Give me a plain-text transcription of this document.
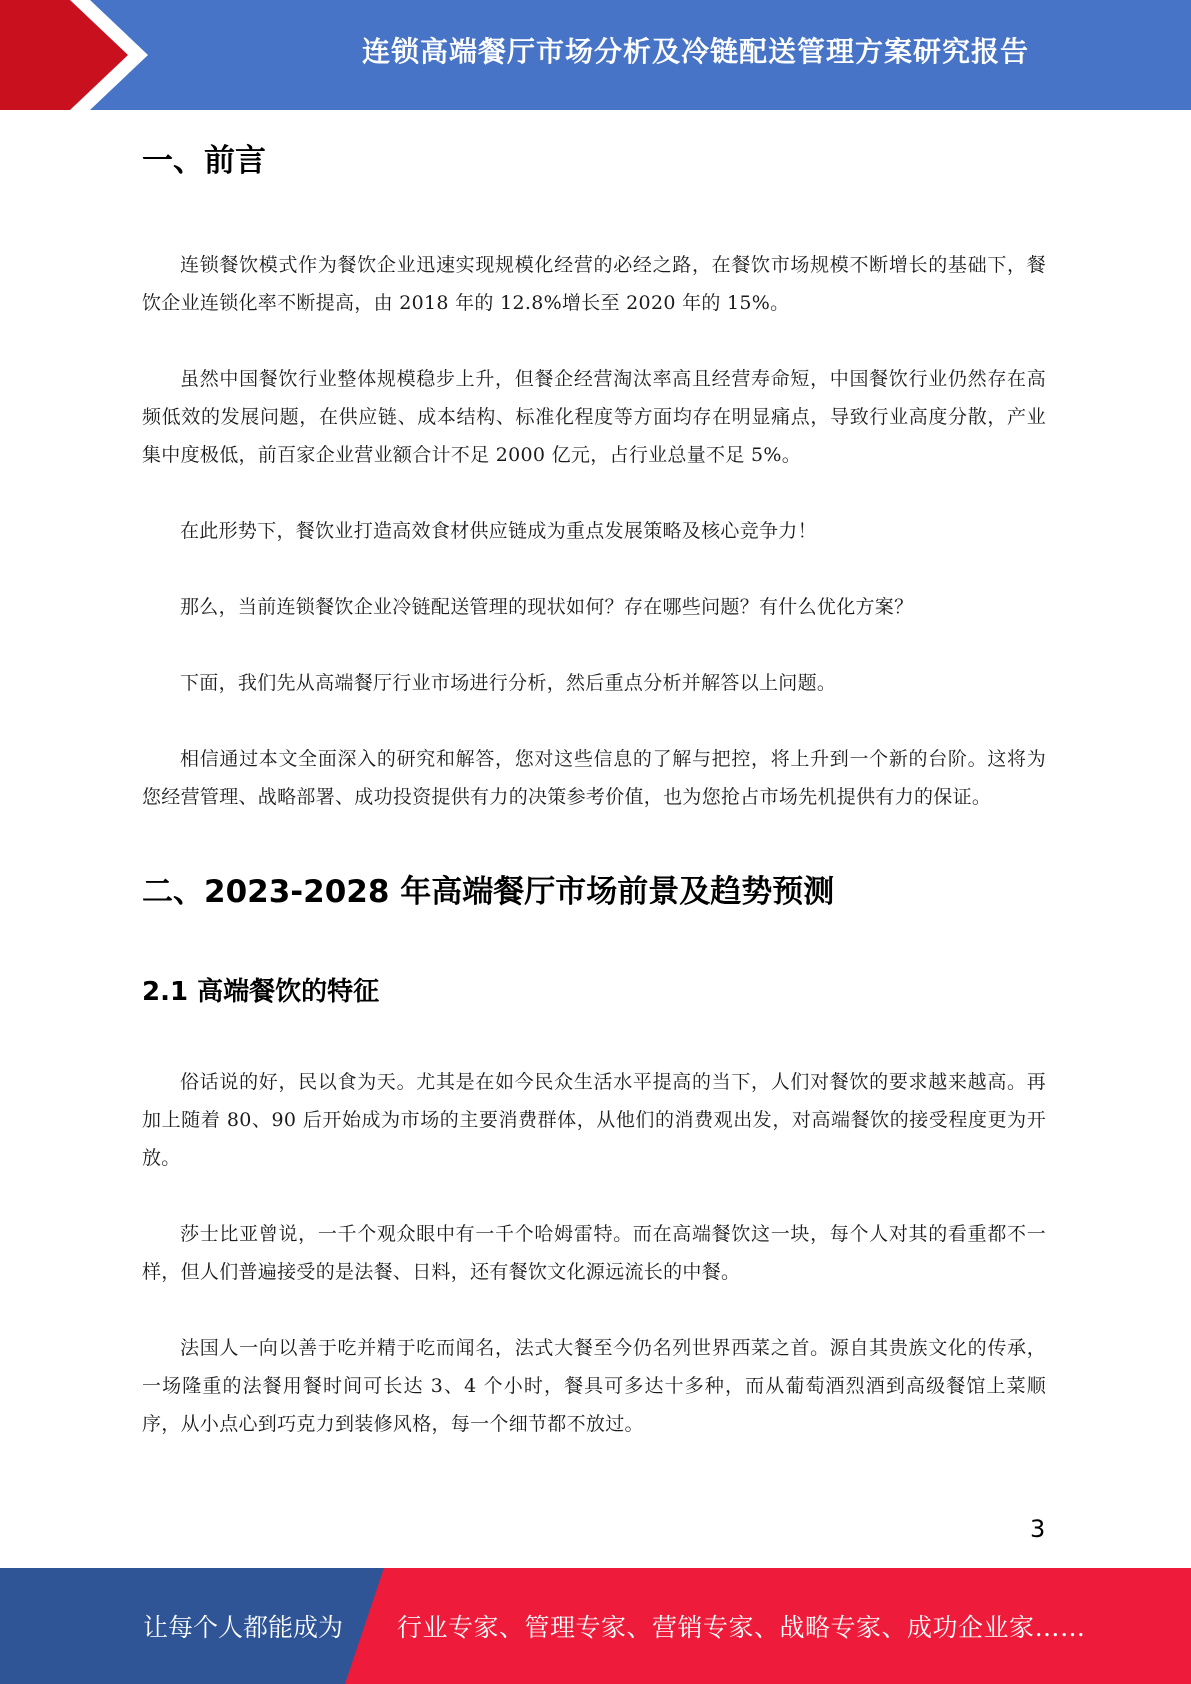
连锁高端餐厅市场分析及冷链配送管理方案研究报告
一、前言

连锁餐饮模式作为餐饮企业迅速实现规模化经营的必经之路，在餐饮市场规模不断增长的基础下，餐饮企业连锁化率不断提高，由 2018 年的 12.8%增长至 2020 年的 15%。

虽然中国餐饮行业整体规模稳步上升，但餐企经营淘汰率高且经营寿命短，中国餐饮行业仍然存在高频低效的发展问题，在供应链、成本结构、标准化程度等方面均存在明显痛点，导致行业高度分散，产业集中度极低，前百家企业营业额合计不足 2000 亿元，占行业总量不足 5%。

在此形势下，餐饮业打造高效食材供应链成为重点发展策略及核心竞争力！

那么，当前连锁餐饮企业冷链配送管理的现状如何？存在哪些问题？有什么优化方案？

下面，我们先从高端餐厅行业市场进行分析，然后重点分析并解答以上问题。

相信通过本文全面深入的研究和解答，您对这些信息的了解与把控，将上升到一个新的台阶。这将为您经营管理、战略部署、成功投资提供有力的决策参考价值，也为您抢占市场先机提供有力的保证。

二、2023-2028 年高端餐厅市场前景及趋势预测
2.1 高端餐饮的特征

俗话说的好，民以食为天。尤其是在如今民众生活水平提高的当下，人们对餐饮的要求越来越高。再加上随着 80、90 后开始成为市场的主要消费群体，从他们的消费观出发，对高端餐饮的接受程度更为开放。

莎士比亚曾说，一千个观众眼中有一千个哈姆雷特。而在高端餐饮这一块，每个人对其的看重都不一样，但人们普遍接受的是法餐、日料，还有餐饮文化源远流长的中餐。

法国人一向以善于吃并精于吃而闻名，法式大餐至今仍名列世界西菜之首。源自其贵族文化的传承，一场隆重的法餐用餐时间可长达 3、4 个小时，餐具可多达十多种，而从葡萄酒烈酒到高级餐馆上菜顺序，从小点心到巧克力到装修风格，每一个细节都不放过。

3
让每个人都能成为 行业专家、管理专家、营销专家、战略专家、成功企业家……
